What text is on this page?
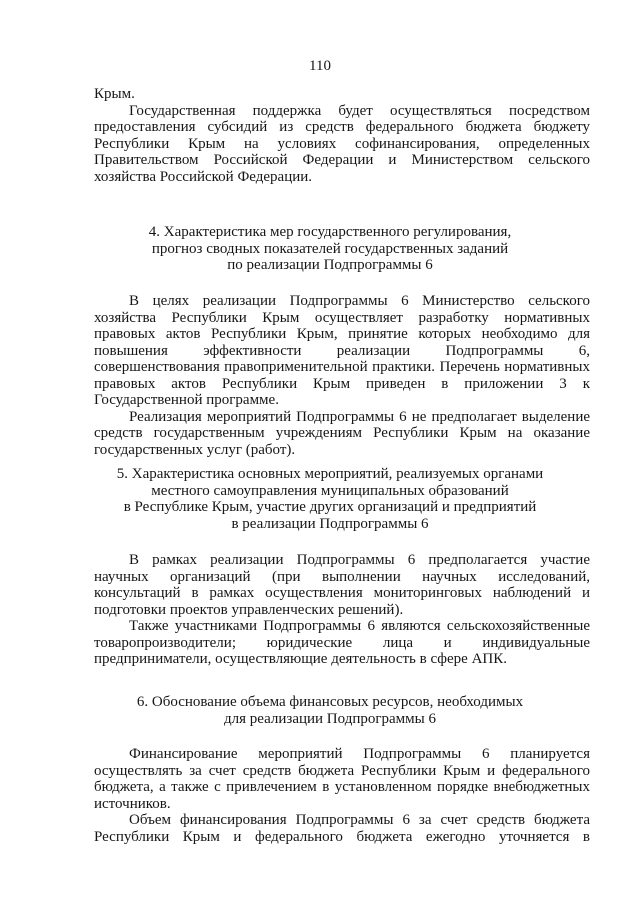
110

Крым.

Государственная поддержка будет осуществляться посредством предоставления субсидий из средств федерального бюджета бюджету Республики Крым на условиях софинансирования, определенных Правительством Российской Федерации и Министерством сельского хозяйства Российской Федерации.

4. Характеристика мер государственного регулирования,
прогноз сводных показателей государственных заданий
по реализации Подпрограммы 6

В целях реализации Подпрограммы 6 Министерство сельского хозяйства Республики Крым осуществляет разработку нормативных правовых актов Республики Крым, принятие которых необходимо для повышения эффективности реализации Подпрограммы 6, совершенствования правоприменительной практики. Перечень нормативных правовых актов Республики Крым приведен в приложении 3 к Государственной программе.

Реализация мероприятий Подпрограммы 6 не предполагает выделение средств государственным учреждениям Республики Крым на оказание государственных услуг (работ).

5. Характеристика основных мероприятий, реализуемых органами
местного самоуправления муниципальных образований
в Республике Крым, участие других организаций и предприятий
в реализации Подпрограммы 6

В рамках реализации Подпрограммы 6 предполагается участие научных организаций (при выполнении научных исследований, консультаций в рамках осуществления мониторинговых наблюдений и подготовки проектов управленческих решений).

Также участниками Подпрограммы 6 являются сельскохозяйственные товаропроизводители; юридические лица и индивидуальные предприниматели, осуществляющие деятельность в сфере АПК.

6. Обоснование объема финансовых ресурсов, необходимых
для реализации Подпрограммы 6

Финансирование мероприятий Подпрограммы 6 планируется осуществлять за счет средств бюджета Республики Крым и федерального бюджета, а также с привлечением в установленном порядке внебюджетных источников.

Объем финансирования Подпрограммы 6 за счет средств бюджета Республики Крым и федерального бюджета ежегодно уточняется в
